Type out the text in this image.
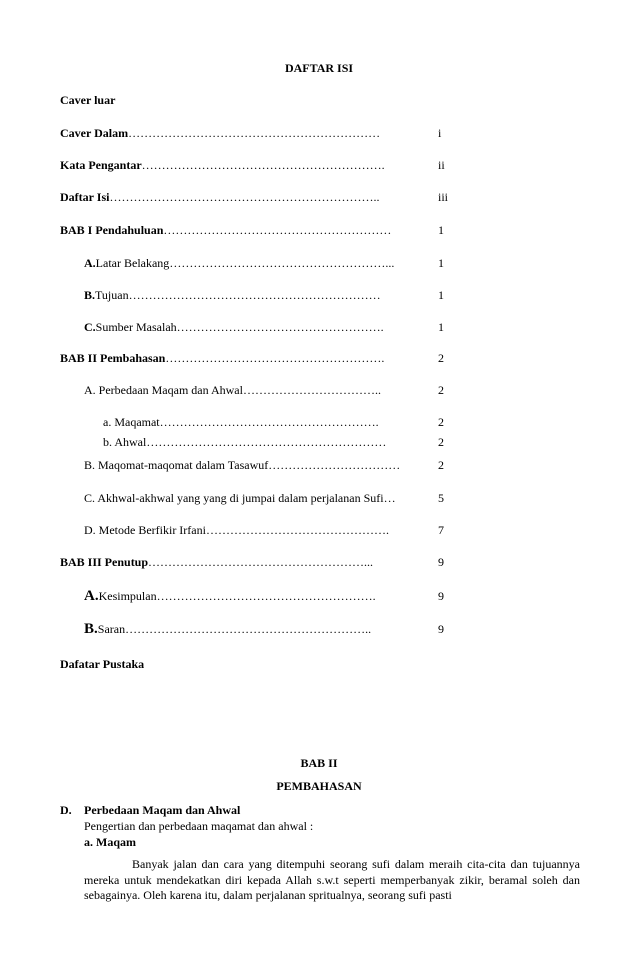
DAFTAR ISI
Caver luar
Caver Dalam………………………………………………………	i
Kata Pengantar…………………………………………………….	ii
Daftar Isi…………………………………………………………..	iii
BAB I Pendahuluan…………………………………………………	1
A.Latar Belakang………………………………………………...	1
B.Tujuan………………………………………………………	1
C.Sumber Masalah…………………………………………….	1
BAB II Pembahasan……………………………………………….	2
A. Perbedaan Maqam dan Ahwal……………………………..	2
a. Maqamat……………………………………………….	2
b. Ahwal……………………………………………………	2
B. Maqomat-maqomat dalam Tasawuf……………………………	2
C. Akhwal-akhwal yang yang di jumpai dalam perjalanan Sufi…	5
D. Metode Berfikir Irfani……………………………………….	7
BAB III Penutup………………………………………………...	9
A.Kesimpulan……………………………………………….	9
B.Saran……………………………………………………..	9
Dafatar Pustaka
BAB II
PEMBAHASAN
D. Perbedaan Maqam dan Ahwal
Pengertian dan perbedaan maqamat dan ahwal :
a. Maqam
Banyak jalan dan cara yang ditempuhi seorang sufi dalam meraih cita-cita dan tujuannya mereka untuk mendekatkan diri kepada Allah s.w.t seperti memperbanyak zikir, beramal soleh dan sebagainya. Oleh karena itu, dalam perjalanan spritualnya, seorang sufi pasti
